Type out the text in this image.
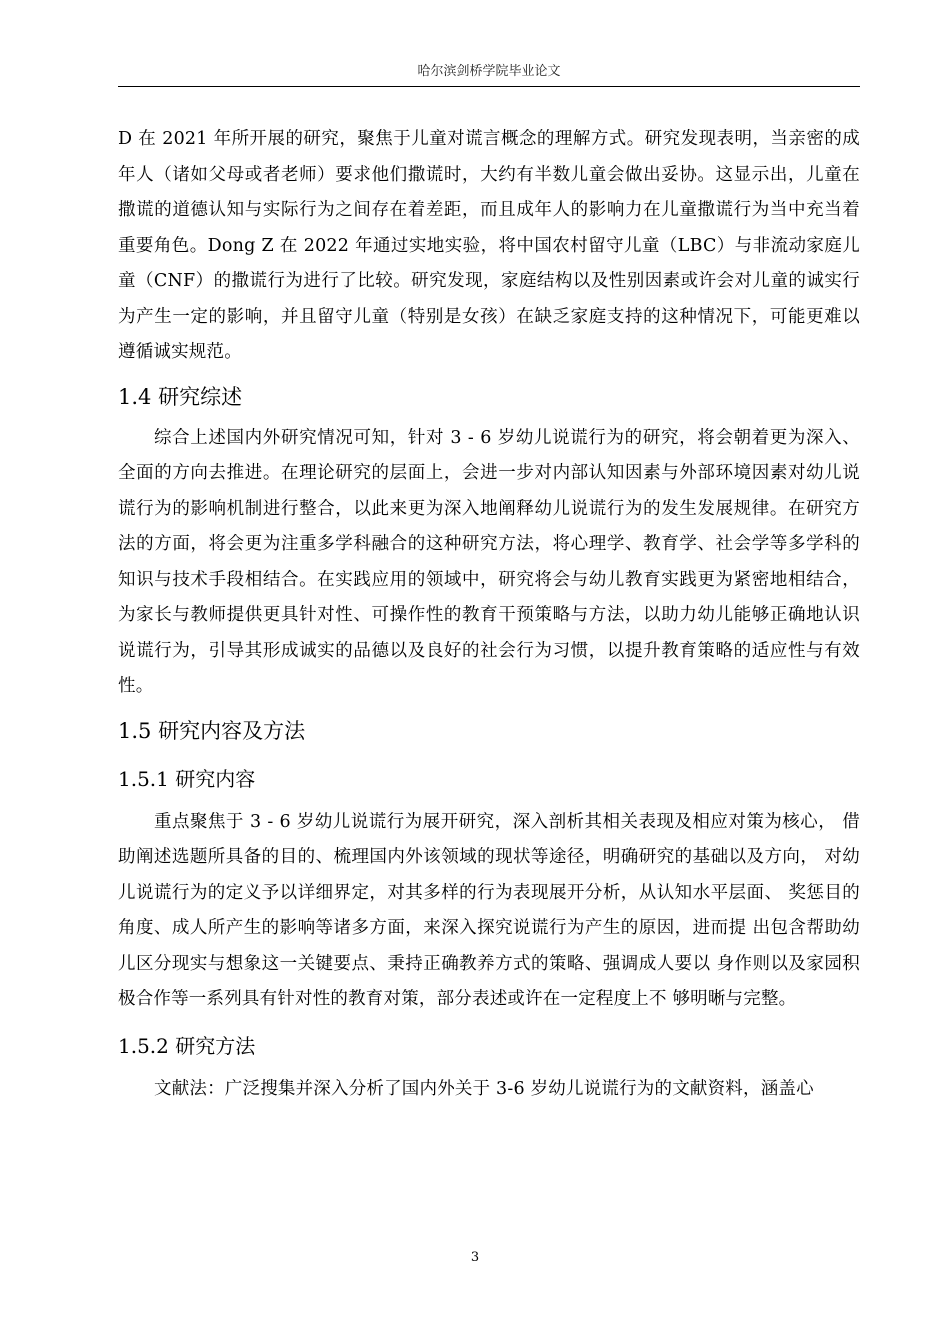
哈尔滨剑桥学院毕业论文

D 在 2021 年所开展的研究，聚焦于儿童对谎言概念的理解方式。研究发现表明，当亲密的成年人（诸如父母或者老师）要求他们撒谎时，大约有半数儿童会做出妥协。这显示出，儿童在撒谎的道德认知与实际行为之间存在着差距，而且成年人的影响力在儿童撒谎行为当中充当着重要角色。Dong Z 在 2022 年通过实地实验，将中国农村留守儿童（LBC）与非流动家庭儿童（CNF）的撒谎行为进行了比较。研究发现，家庭结构以及性别因素或许会对儿童的诚实行为产生一定的影响，并且留守儿童（特别是女孩）在缺乏家庭支持的这种情况下，可能更难以遵循诚实规范。

1.4 研究综述

综合上述国内外研究情况可知，针对 3 - 6 岁幼儿说谎行为的研究，将会朝着更为深入、全面的方向去推进。在理论研究的层面上，会进一步对内部认知因素与外部环境因素对幼儿说谎行为的影响机制进行整合，以此来更为深入地阐释幼儿说谎行为的发生发展规律。在研究方法的方面，将会更为注重多学科融合的这种研究方法，将心理学、教育学、社会学等多学科的知识与技术手段相结合。在实践应用的领域中，研究将会与幼儿教育实践更为紧密地相结合，为家长与教师提供更具针对性、可操作性的教育干预策略与方法，以助力幼儿能够正确地认识说谎行为，引导其形成诚实的品德以及良好的社会行为习惯，以提升教育策略的适应性与有效性。

1.5 研究内容及方法
1.5.1 研究内容

重点聚焦于 3 - 6 岁幼儿说谎行为展开研究，深入剖析其相关表现及相应对策为核心， 借助阐述选题所具备的目的、梳理国内外该领域的现状等途径，明确研究的基础以及方向， 对幼儿说谎行为的定义予以详细界定，对其多样的行为表现展开分析，从认知水平层面、 奖惩目的角度、成人所产生的影响等诸多方面，来深入探究说谎行为产生的原因，进而提 出包含帮助幼儿区分现实与想象这一关键要点、秉持正确教养方式的策略、强调成人要以 身作则以及家园积极合作等一系列具有针对性的教育对策，部分表述或许在一定程度上不 够明晰与完整。

1.5.2 研究方法

文献法：广泛搜集并深入分析了国内外关于 3-6 岁幼儿说谎行为的文献资料，涵盖心

3
